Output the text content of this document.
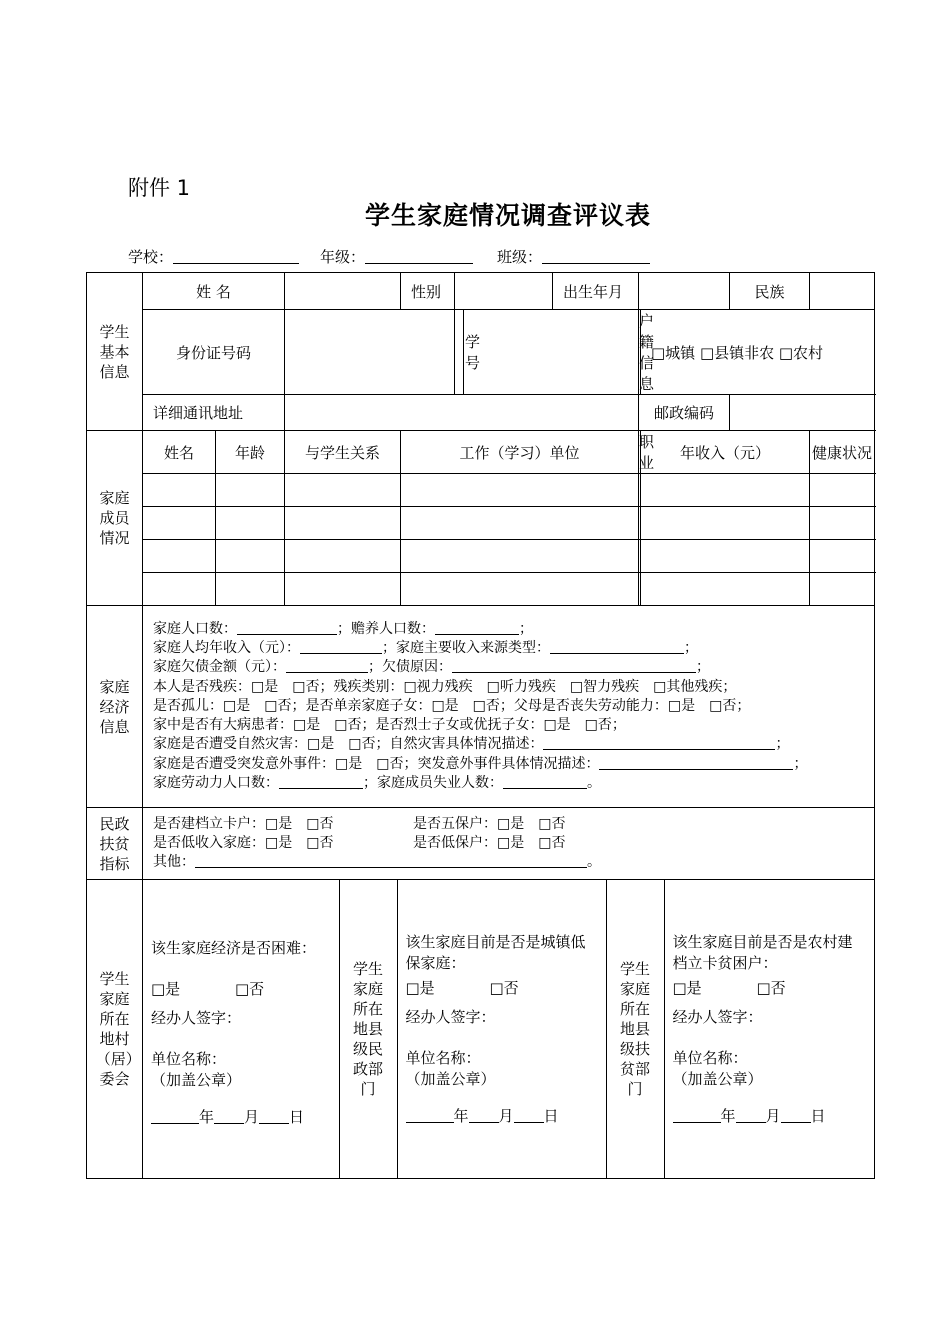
附件 1
学生家庭情况调查评议表
学校：	年级：	班级：
学生基本信息
	姓 名		性别		出生年月		民族	
身份证号码		学号		户籍信息	□城镇 □县镇非农 □农村
详细通讯地址		邮政编码	

家庭成员情况
	姓名	年龄	与学生关系	工作（学习）单位	职业	年收入（元）	健康状况

家庭经济信息

家庭人口数：	；赡养人口数：	；
家庭人均年收入（元）：	；家庭主要收入来源类型：	；
家庭欠债金额（元）：	；欠债原因：	；
本人是否残疾：□是　□否；残疾类别：□视力残疾　□听力残疾　□智力残疾　□其他残疾；
是否孤儿：□是　□否；是否单亲家庭子女：□是　□否；父母是否丧失劳动能力：□是　□否；
家中是否有大病患者：□是　□否；是否烈士子女或优抚子女：□是　□否；
家庭是否遭受自然灾害：□是　□否；自然灾害具体情况描述：	；
家庭是否遭受突发意外事件：□是　□否；突发意外事件具体情况描述：	；
家庭劳动力人口数：	；家庭成员失业人数：	。

民政扶贫指标

是否建档立卡户：□是　□否	是否五保户：□是　□否
是否低收入家庭：□是　□否	是否低保户：□是　□否
其他：	。

学生家庭所在地村（居）委会

该生家庭经济是否困难：
□是	□否
经办人签字：
单位名称：
（加盖公章）
年 月 日

学生家庭所在地县级民政部门

该生家庭目前是否是城镇低保家庭：
□是	□否
经办人签字：
单位名称：
（加盖公章）
年 月 日

学生家庭所在地县级扶贫部门

该生家庭目前是否是农村建档立卡贫困户：
□是	□否
经办人签字：
单位名称：
（加盖公章）
年 月 日
